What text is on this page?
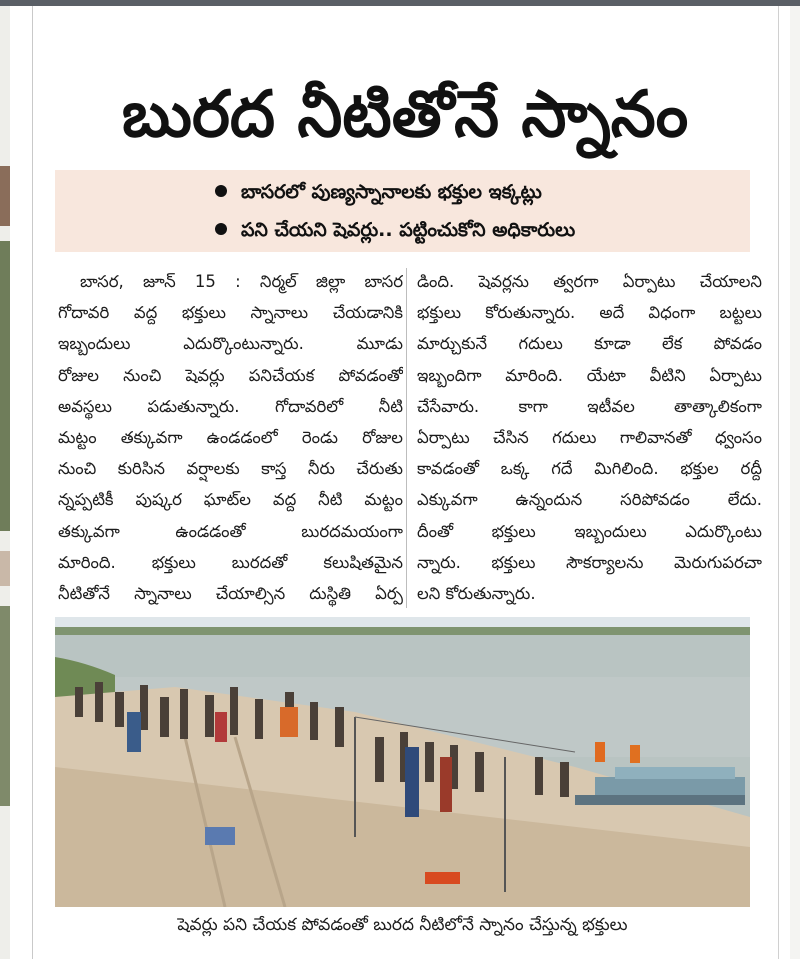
బురద నీటితోనే స్నానం
బాసరలో పుణ్యస్నానాలకు భక్తుల ఇక్కట్లు
పని చేయని షెవర్లు.. పట్టించుకోని అధికారులు
బాసర, జూన్ 15 : నిర్మల్ జిల్లా బాసర
గోదావరి వద్ద భక్తులు స్నానాలు చేయడానికి
ఇబ్బందులు ఎదుర్కొంటున్నారు. మూడు
రోజుల నుంచి షెవర్లు పనిచేయక పోవడంతో
అవస్థలు పడుతున్నారు. గోదావరిలో నీటి
మట్టం తక్కువగా ఉండడంలో రెండు రోజుల
నుంచి కురిసిన వర్షాలకు కాస్త నీరు చేరుతు
న్నప్పటికీ పుష్కర ఘాట్‌ల వద్ద నీటి మట్టం
తక్కువగా ఉండడంతో బురదమయంగా
మారింది. భక్తులు బురదతో కలుషితమైన
నీటితోనే స్నానాలు చేయాల్సిన దుస్థితి ఏర్ప
డింది. షెవర్లను త్వరగా ఏర్పాటు చేయాలని
భక్తులు కోరుతున్నారు. అదే విధంగా బట్టలు
మార్చుకునే గదులు కూడా లేక పోవడం
ఇబ్బందిగా మారింది. యేటా వీటిని ఏర్పాటు
చేసేవారు. కాగా ఇటీవల తాత్కాలికంగా
ఏర్పాటు చేసిన గదులు గాలివానతో ధ్వంసం
కావడంతో ఒక్క గదే మిగిలింది. భక్తుల రద్దీ
ఎక్కువగా ఉన్నందున సరిపోవడం లేదు.
దీంతో భక్తులు ఇబ్బందులు ఎదుర్కొంటు
న్నారు. భక్తులు సౌకర్యాలను మెరుగుపరచా
లని కోరుతున్నారు.
షెవర్లు పని చేయక పోవడంతో బురద నీటిలోనే స్నానం చేస్తున్న భక్తులు
